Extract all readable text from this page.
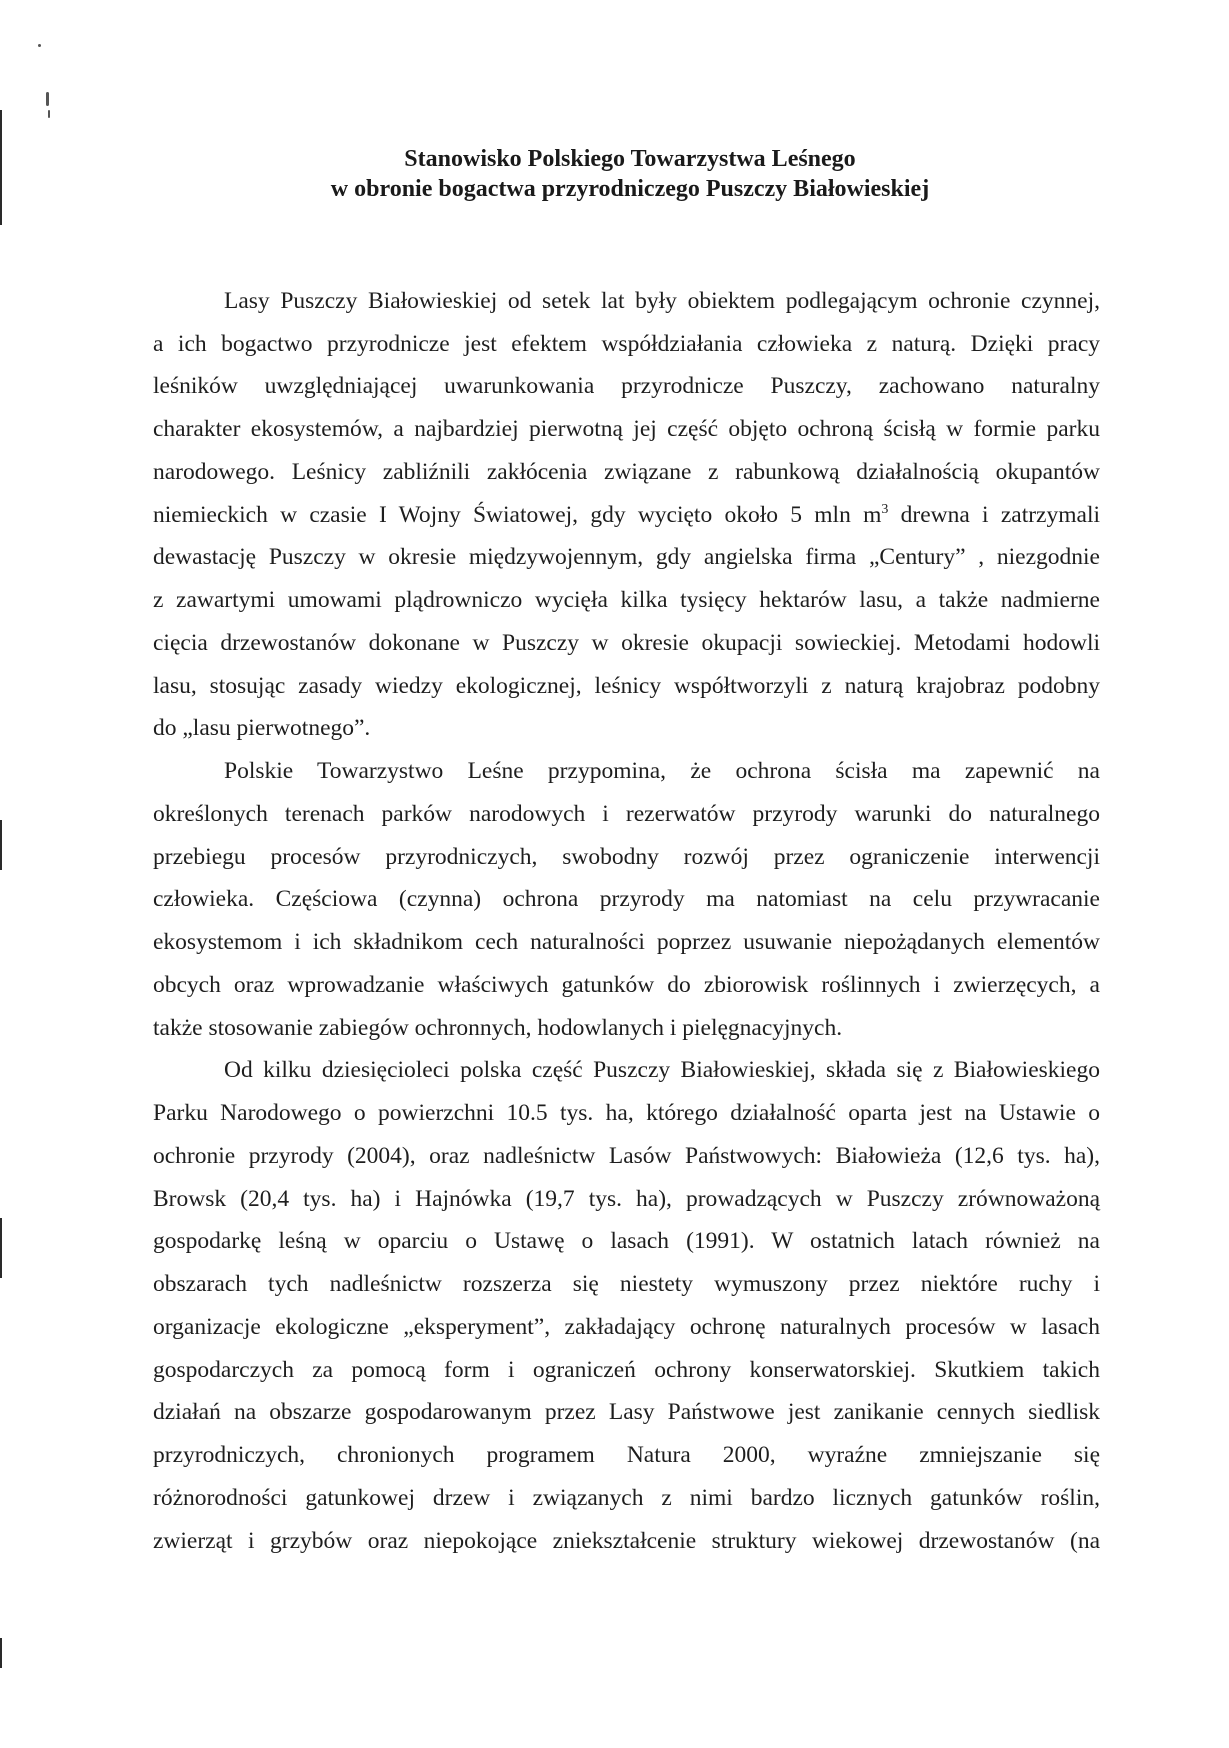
Stanowisko Polskiego Towarzystwa Leśnego
w obronie bogactwa przyrodniczego Puszczy Białowieskiej
Lasy Puszczy Białowieskiej od setek lat były obiektem podlegającym ochronie czynnej,
a ich bogactwo przyrodnicze jest efektem współdziałania człowieka z naturą. Dzięki pracy
leśników uwzględniającej uwarunkowania przyrodnicze Puszczy, zachowano naturalny
charakter ekosystemów, a najbardziej pierwotną jej część objęto ochroną ścisłą w formie parku
narodowego. Leśnicy zabliźnili zakłócenia związane z rabunkową działalnością okupantów
niemieckich w czasie I Wojny Światowej, gdy wycięto około 5 mln $m^3$ drewna i zatrzymali
dewastację Puszczy w okresie międzywojennym, gdy angielska firma „Century” , niezgodnie
z zawartymi umowami plądrowniczo wycięła kilka tysięcy hektarów lasu, a także nadmierne
cięcia drzewostanów dokonane w Puszczy w okresie okupacji sowieckiej. Metodami hodowli
lasu, stosując zasady wiedzy ekologicznej, leśnicy współtworzyli z naturą krajobraz podobny
do „lasu pierwotnego”.
Polskie Towarzystwo Leśne przypomina, że ochrona ścisła ma zapewnić na
określonych terenach parków narodowych i rezerwatów przyrody warunki do naturalnego
przebiegu procesów przyrodniczych, swobodny rozwój przez ograniczenie interwencji
człowieka. Częściowa (czynna) ochrona przyrody ma natomiast na celu przywracanie
ekosystemom i ich składnikom cech naturalności poprzez usuwanie niepożądanych elementów
obcych oraz wprowadzanie właściwych gatunków do zbiorowisk roślinnych i zwierzęcych, a
także stosowanie zabiegów ochronnych, hodowlanych i pielęgnacyjnych.
Od kilku dziesięcioleci polska część Puszczy Białowieskiej, składa się z Białowieskiego
Parku Narodowego o powierzchni 10.5 tys. ha, którego działalność oparta jest na Ustawie o
ochronie przyrody (2004), oraz nadleśnictw Lasów Państwowych: Białowieża (12,6 tys. ha),
Browsk (20,4 tys. ha) i Hajnówka (19,7 tys. ha), prowadzących w Puszczy zrównoważoną
gospodarkę leśną w oparciu o Ustawę o lasach (1991). W ostatnich latach również na
obszarach tych nadleśnictw rozszerza się niestety wymuszony przez niektóre ruchy i
organizacje ekologiczne „eksperyment”, zakładający ochronę naturalnych procesów w lasach
gospodarczych za pomocą form i ograniczeń ochrony konserwatorskiej. Skutkiem takich
działań na obszarze gospodarowanym przez Lasy Państwowe jest zanikanie cennych siedlisk
przyrodniczych, chronionych programem Natura 2000, wyraźne zmniejszanie się
różnorodności gatunkowej drzew i związanych z nimi bardzo licznych gatunków roślin,
zwierząt i grzybów oraz niepokojące zniekształcenie struktury wiekowej drzewostanów (na
